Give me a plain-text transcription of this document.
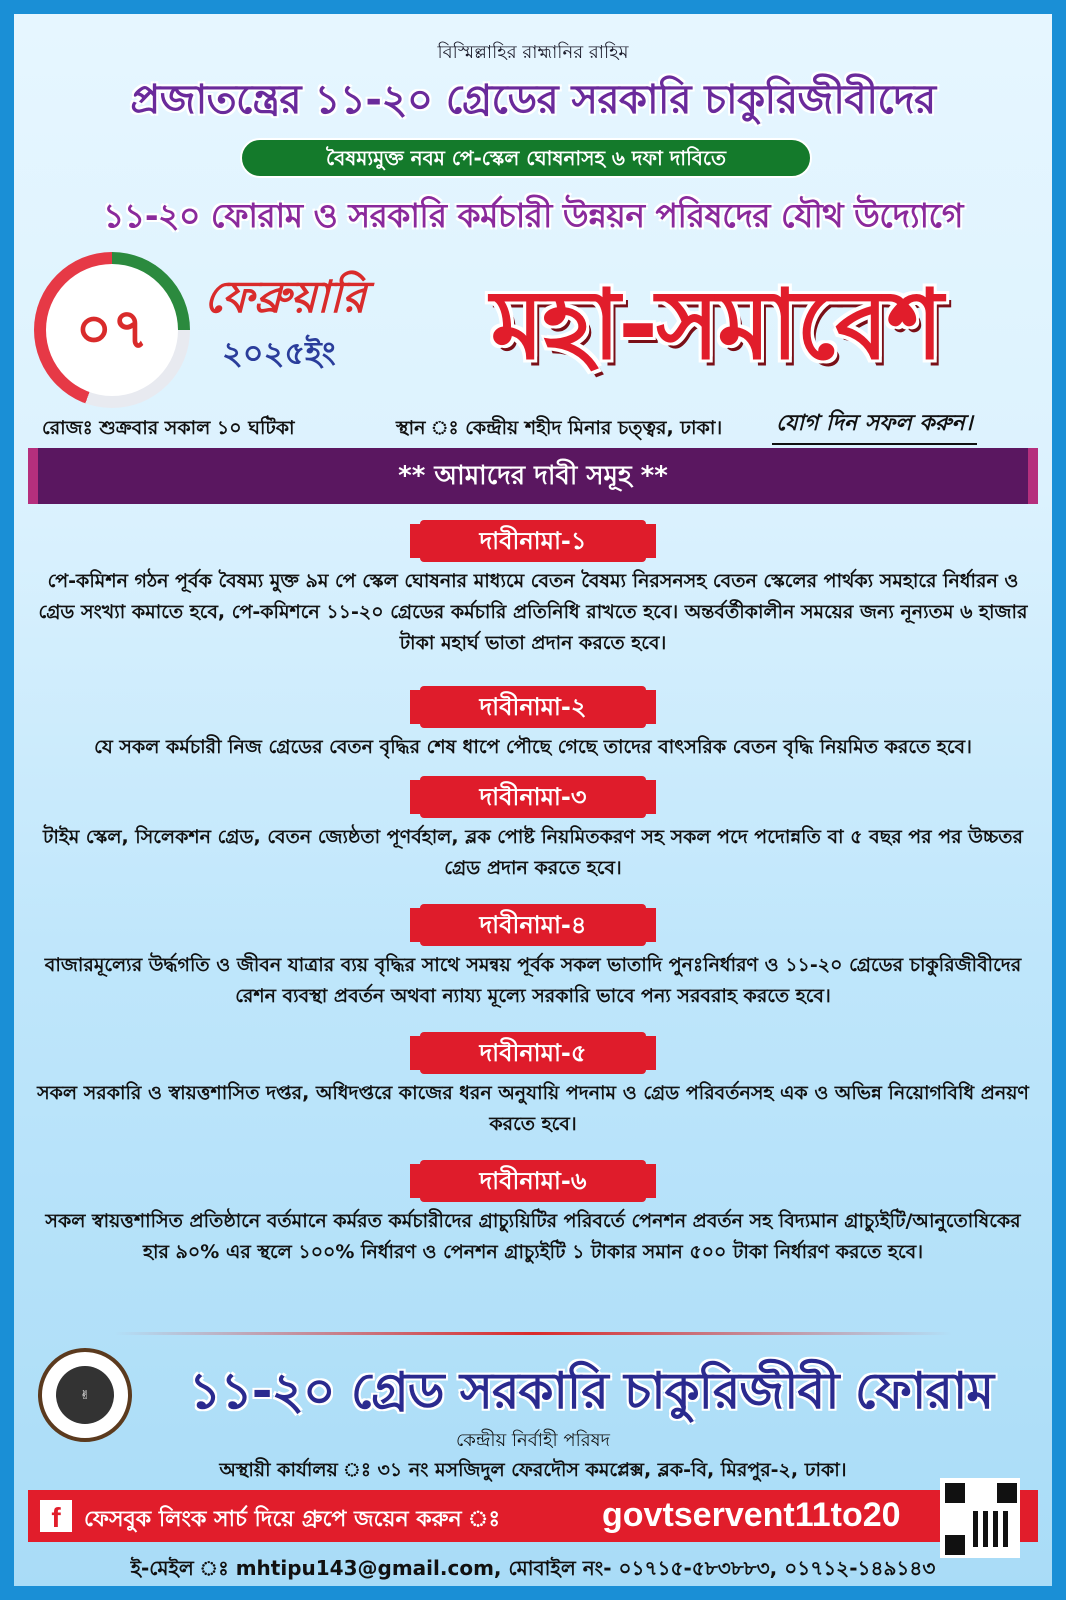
বিস্মিল্লাহির রাহ্মানির রাহিম
প্রজাতন্ত্রের ১১-২০ গ্রেডের সরকারি চাকুরিজীবীদের
বৈষম্যমুক্ত নবম পে-স্কেল ঘোষনাসহ ৬ দফা দাবিতে
১১-২০ ফোরাম ও সরকারি কর্মচারী উন্নয়ন পরিষদের যৌথ উদ্যোগে
০৭	ফেব্রুয়ারি
২০২৫ইং	মহা-সমাবেশ
রোজঃ শুক্রবার সকাল ১০ ঘটিকা	স্থান ঃ কেন্দ্রীয় শহীদ মিনার চত্ত্বর, ঢাকা। যোগ দিন সফল করুন।
** আমাদের দাবী সমূহ **
দাবীনামা-১
পে-কমিশন গঠন পূর্বক বৈষম্য মুক্ত ৯ম পে স্কেল ঘোষনার মাধ্যমে বেতন বৈষম্য নিরসনসহ বেতন স্কেলের পার্থক্য সমহারে নির্ধারন ও গ্রেড সংখ্যা কমাতে হবে, পে-কমিশনে ১১-২০ গ্রেডের কর্মচারি প্রতিনিধি রাখতে হবে। অন্তর্বর্তীকালীন সময়ের জন্য নূন্যতম ৬ হাজার টাকা মহার্ঘ ভাতা প্রদান করতে হবে।
দাবীনামা-২
যে সকল কর্মচারী নিজ গ্রেডের বেতন বৃদ্ধির শেষ ধাপে পৌছে গেছে তাদের বাৎসরিক বেতন বৃদ্ধি নিয়মিত করতে হবে।
দাবীনামা-৩
টাইম স্কেল, সিলেকশন গ্রেড, বেতন জ্যেষ্ঠতা পূণর্বহাল, ব্লক পোষ্ট নিয়মিতকরণ সহ সকল পদে পদোন্নতি বা ৫ বছর পর পর উচ্চতর গ্রেড প্রদান করতে হবে।
দাবীনামা-৪
বাজারমূল্যের উর্দ্ধগতি ও জীবন যাত্রার ব্যয় বৃদ্ধির সাথে সমন্বয় পূর্বক সকল ভাতাদি পুনঃনির্ধারণ ও ১১-২০ গ্রেডের চাকুরিজীবীদের রেশন ব্যবস্থা প্রবর্তন অথবা ন্যায্য মূল্যে সরকারি ভাবে পন্য সরবরাহ করতে হবে।
দাবীনামা-৫
সকল সরকারি ও স্বায়ত্তশাসিত দপ্তর, অধিদপ্তরে কাজের ধরন অনুযায়ি পদনাম ও গ্রেড পরিবর্তনসহ এক ও অভিন্ন নিয়োগবিধি প্রনয়ণ করতে হবে।
দাবীনামা-৬
সকল স্বায়ত্তশাসিত প্রতিষ্ঠানে বর্তমানে কর্মরত কর্মচারীদের গ্রাচ্যুয়িটির পরিবর্তে পেনশন প্রবর্তন সহ বিদ্যমান গ্রাচ্যুইটি/আনুতোষিকের হার ৯০% এর স্থলে ১০০% নির্ধারণ ও পেনশন গ্রাচ্যুইটি ১ টাকার সমান ৫০০ টাকা নির্ধারণ করতে হবে।
✌	১১-২০ গ্রেড সরকারি চাকুরিজীবী ফোরাম
কেন্দ্রীয় নির্বাহী পরিষদ
অস্থায়ী কার্যালয় ঃ ৩১ নং মসজিদুল ফেরদৌস কমপ্লেক্স, ব্লক-বি, মিরপুর-২, ঢাকা।
f	ফেসবুক লিংক সার্চ দিয়ে গ্রুপে জয়েন করুন ঃ	govtservent11to20
ই-মেইল ঃ mhtipu143@gmail.com, মোবাইল নং- ০১৭১৫-৫৮৩৮৮৩, ০১৭১২-১৪৯১৪৩
